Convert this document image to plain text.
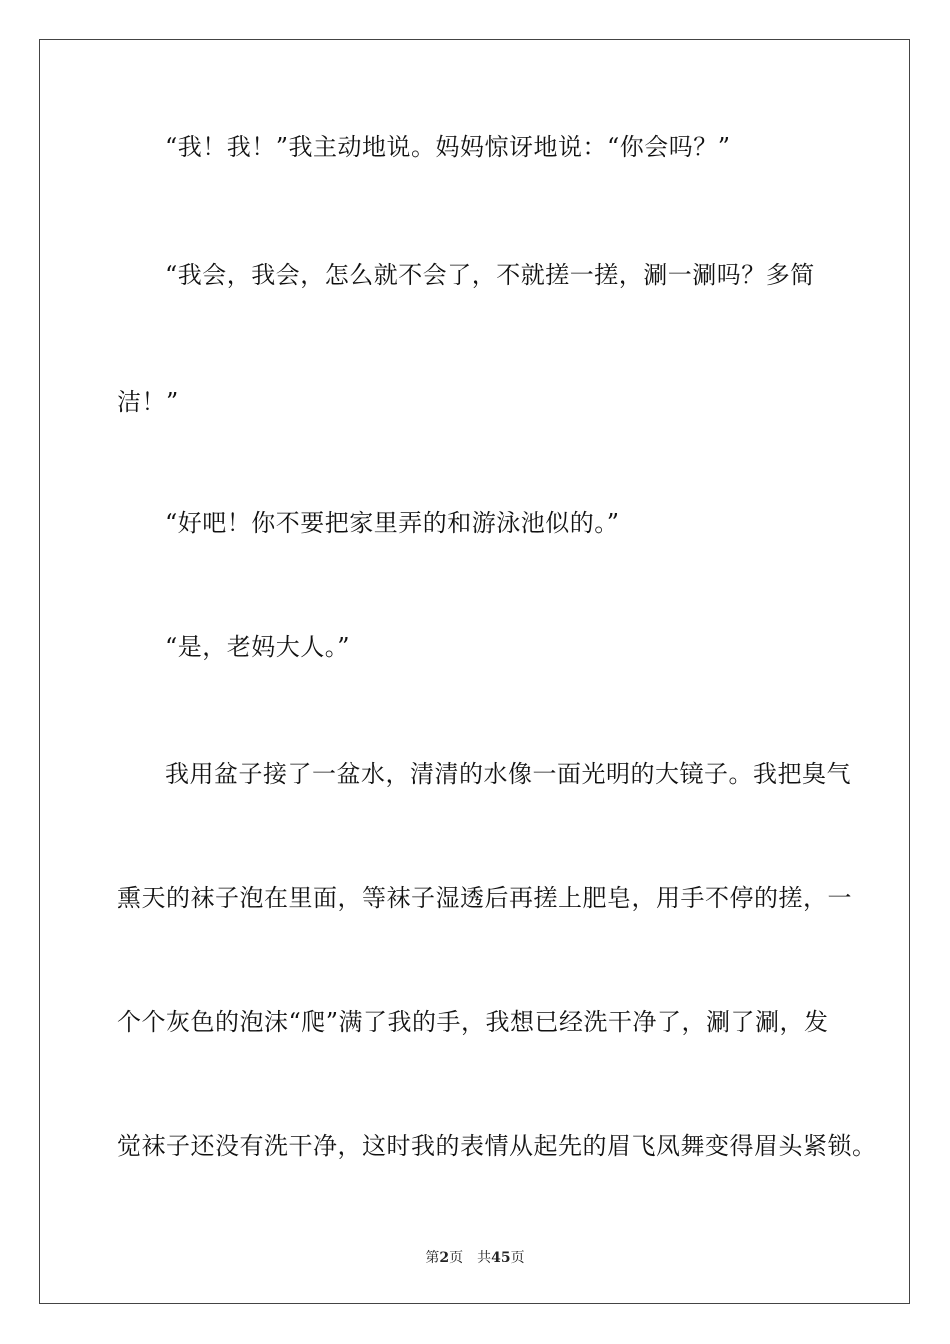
“我！我！”我主动地说。妈妈惊讶地说：“你会吗？”
“我会，我会，怎么就不会了，不就搓一搓，涮一涮吗？多简
洁！”
“好吧！你不要把家里弄的和游泳池似的。”
“是，老妈大人。”
我用盆子接了一盆水，清清的水像一面光明的大镜子。我把臭气
熏天的袜子泡在里面，等袜子湿透后再搓上肥皂，用手不停的搓，一
个个灰色的泡沫“爬”满了我的手，我想已经洗干净了，涮了涮，发
觉袜子还没有洗干净，这时我的表情从起先的眉飞凤舞变得眉头紧锁。
第2页 共45页
